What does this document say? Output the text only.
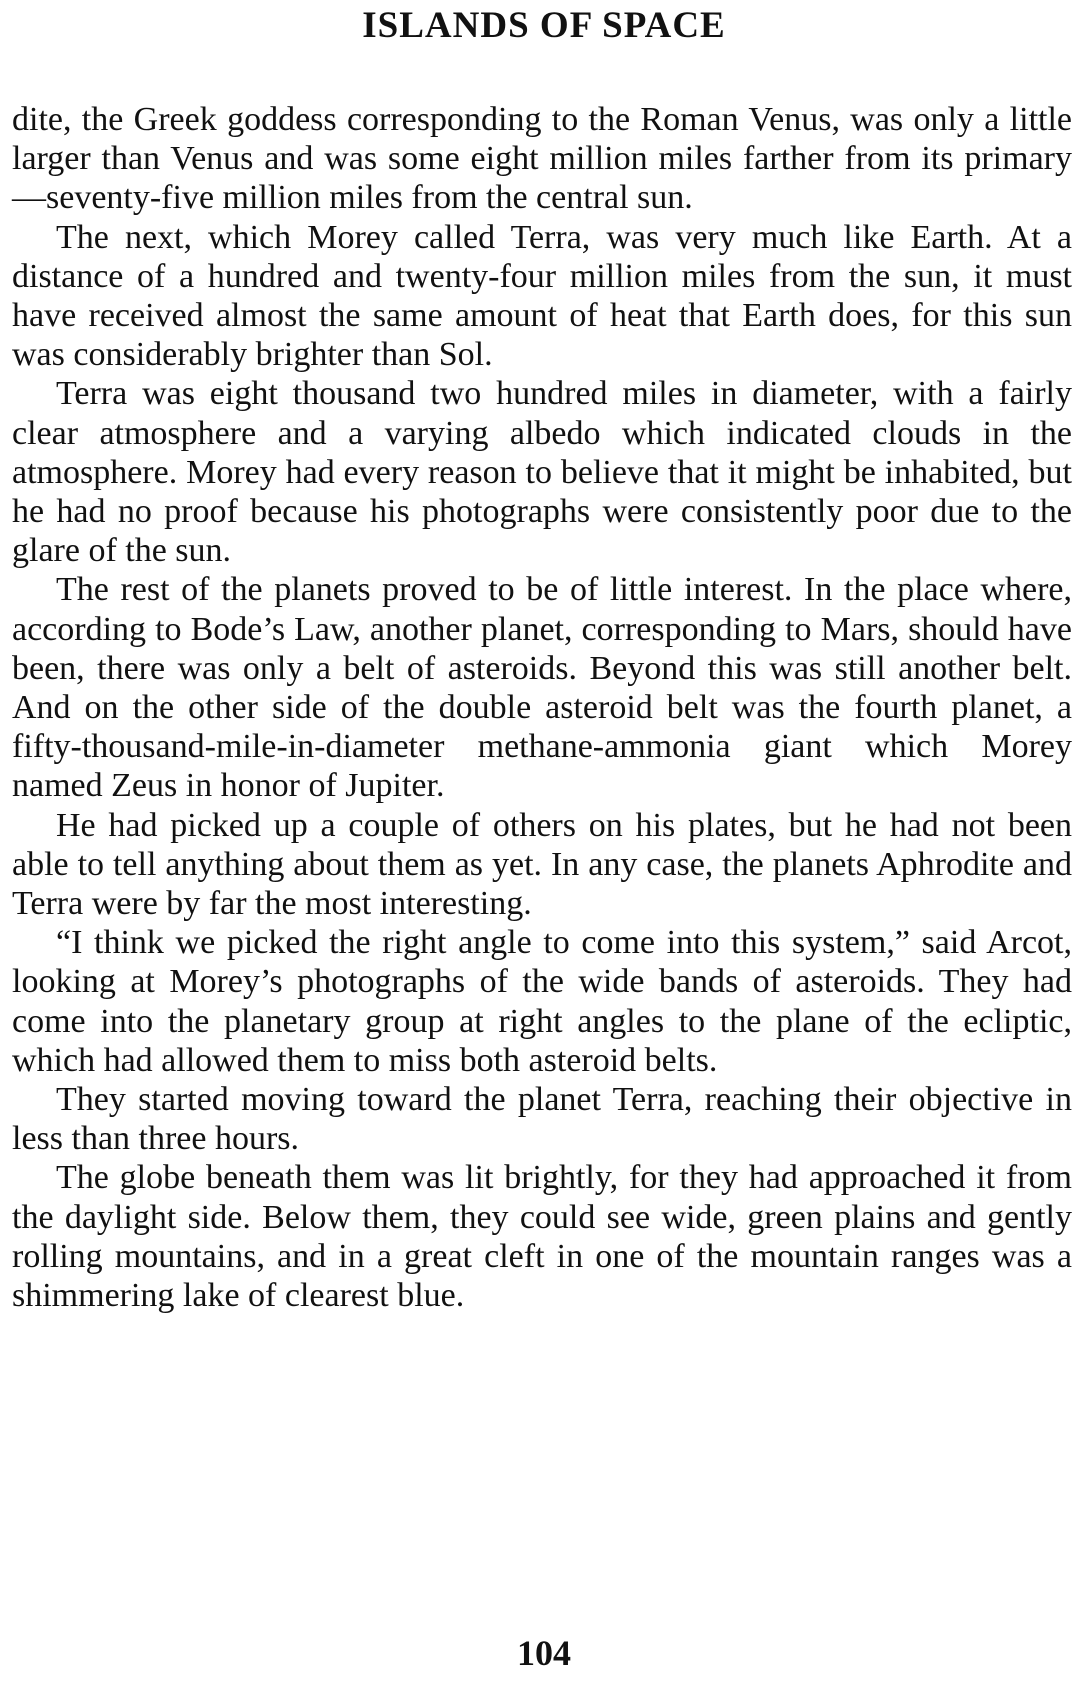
ISLANDS OF SPACE

dite, the Greek goddess corresponding to the Roman Venus, was only a little larger than Venus and was some eight million miles farther from its primary—seventy-five million miles from the central sun.

The next, which Morey called Terra, was very much like Earth. At a distance of a hundred and twenty-four million miles from the sun, it must have received almost the same amount of heat that Earth does, for this sun was considerably brighter than Sol.

Terra was eight thousand two hundred miles in diameter, with a fairly clear atmosphere and a varying albedo which indicated clouds in the atmosphere. Morey had every reason to believe that it might be inhabited, but he had no proof because his photographs were consistently poor due to the glare of the sun.

The rest of the planets proved to be of little interest. In the place where, according to Bode’s Law, another planet, corresponding to Mars, should have been, there was only a belt of asteroids. Beyond this was still another belt. And on the other side of the double asteroid belt was the fourth planet, a fifty-thousand-mile-in-diameter methane-ammonia giant which Morey named Zeus in honor of Jupiter.

He had picked up a couple of others on his plates, but he had not been able to tell anything about them as yet. In any case, the planets Aphrodite and Terra were by far the most interesting.

“I think we picked the right angle to come into this system,” said Arcot, looking at Morey’s photographs of the wide bands of asteroids. They had come into the planetary group at right angles to the plane of the ecliptic, which had allowed them to miss both asteroid belts.

They started moving toward the planet Terra, reaching their objective in less than three hours.

The globe beneath them was lit brightly, for they had approached it from the daylight side. Below them, they could see wide, green plains and gently rolling mountains, and in a great cleft in one of the mountain ranges was a shimmering lake of clearest blue.

104
